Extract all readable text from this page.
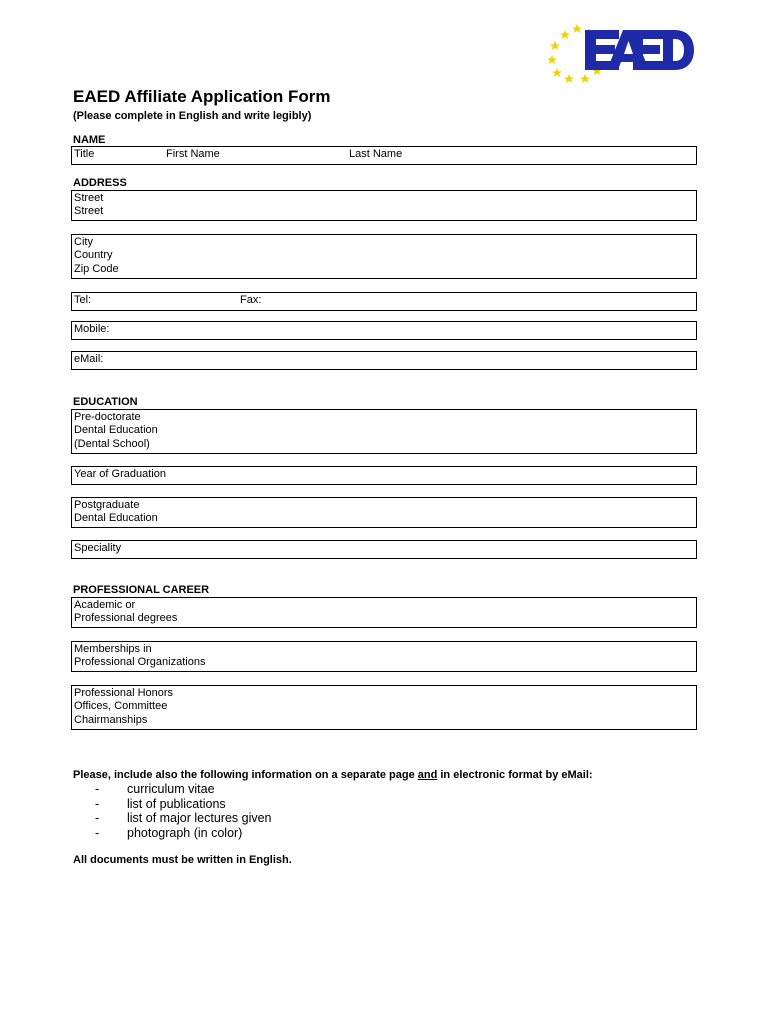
EAED Affiliate Application Form
(Please complete in English and write legibly)
NAME
Title	First Name	Last Name
ADDRESS
Street
Street
City
Country
Zip Code
Tel:	Fax:
Mobile:
eMail:
EDUCATION
Pre-doctorate
Dental Education
(Dental School)
Year of Graduation
Postgraduate
Dental Education
Speciality
PROFESSIONAL CAREER
Academic or
Professional degrees
Memberships in
Professional Organizations
Professional Honors
Offices, Committee
Chairmanships
Please, include also the following information on a separate page and in electronic format by eMail:
- curriculum vitae
- list of publications
- list of major lectures given
- photograph (in color)
All documents must be written in English.
